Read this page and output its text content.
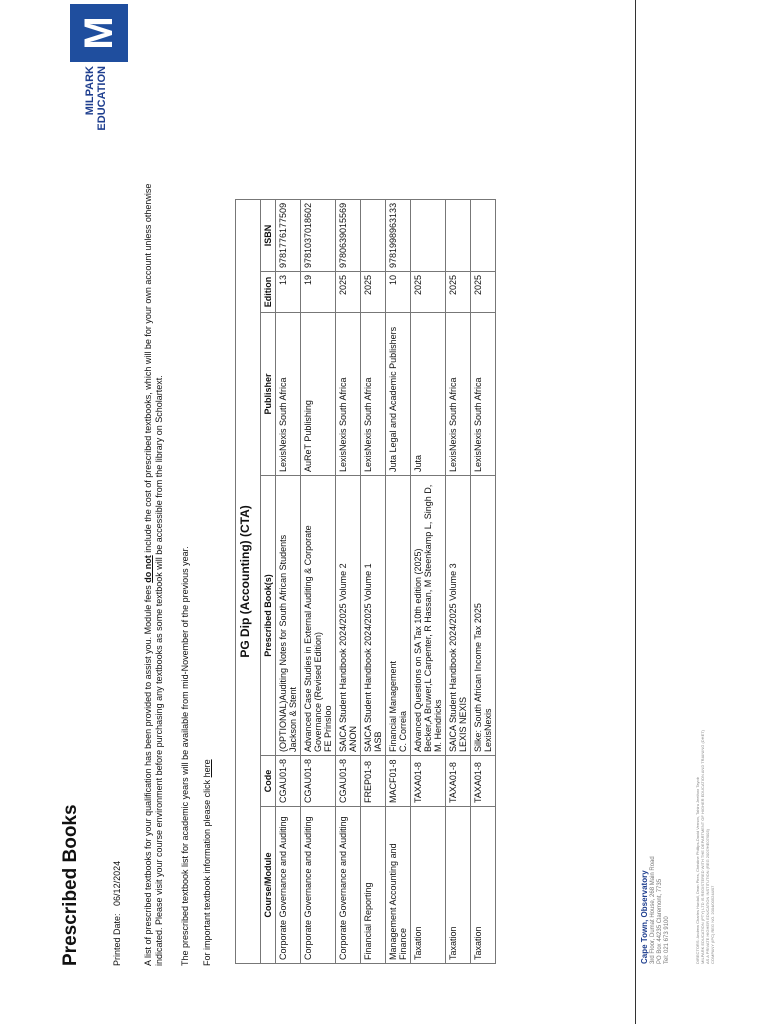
Prescribed Books	Printed Date:   06/12/2024 A list of prescribed textbooks for your qualification has been provided to assist you. Module fees do not include the cost of prescribed textbooks, which will be for your own account unless otherwise indicated. Please visit your course environment before purchasing any textbooks as some textbook will be accessible from the library on Scholartext. The prescribed textbook list for academic years will be available from mid-November of the previous year. For important textbook information please click here
MILPARK EDUCATION
M
PG Dip (Accounting) (CTA)					
Course/Module	Code	Prescribed Book(s)	Publisher	Edition	ISBN

Corporate Governance and Auditing	CGAU01-8	(OPTIONAL)Auditing Notes for South African Students Jackson & Stent	LexisNexis South Africa	13	9781776177509

Corporate Governance and Auditing	CGAU01-8	Advanced Case Studies in External Auditing & Corporate Governance (Revised Edition) FE Prinsloo	AuReT Publishing	19	9781037018602

Corporate Governance and Auditing	CGAU01-8	SAICA Student Handbook 2024/2025 Volume 2 ANON	LexisNexis South Africa	2025	9780639015569

Financial Reporting	FREP01-8	SAICA Student Handbook 2024/2025 Volume 1 IASB	LexisNexis South Africa	2025	

Management Accounting and Finance	MACF01-8	Financial Management C. Correia	Juta Legal and Academic Publishers	10	9781998963133

Taxation	TAXA01-8	Advanced Questions on SA Tax 10th edition (2025) Becker,A Bruwer,L Carpenter, R Hassan, M Steenkamp L, Singh D, M. Hendricks	Juta	2025	

Taxation	TAXA01-8	SAICA Student Handbook 2024/2025 Volume 3 LEXIS NEXIS	LexisNexis South Africa	2025	

Taxation	TAXA01-8	Silke: South African Income Tax 2025 LexisNexis	LexisNexis South Africa	2025	

Cape Town, Observatory 3rd Floor, Dumat House, 268 Main Road PO Box 44235 Claremont, 7735 Tel: 021 673 9100	DIRECTORS: Andrew Charles Hurdall, Dean Pires, Christine Phillips-David Vernon, Tahiru Jeethoo Tayob MILPARK EDUCATION (PTY) LTD IS REGISTERED WITH THE DEPARTMENT OF HIGHER EDUCATION AND TRAINING (DHET) AS A PRIVATE HIGHER EDUCATION INSTITUTION (REG 2007/HE07/003) COMPANY (IPC) REG NO. 2004/005244/07
